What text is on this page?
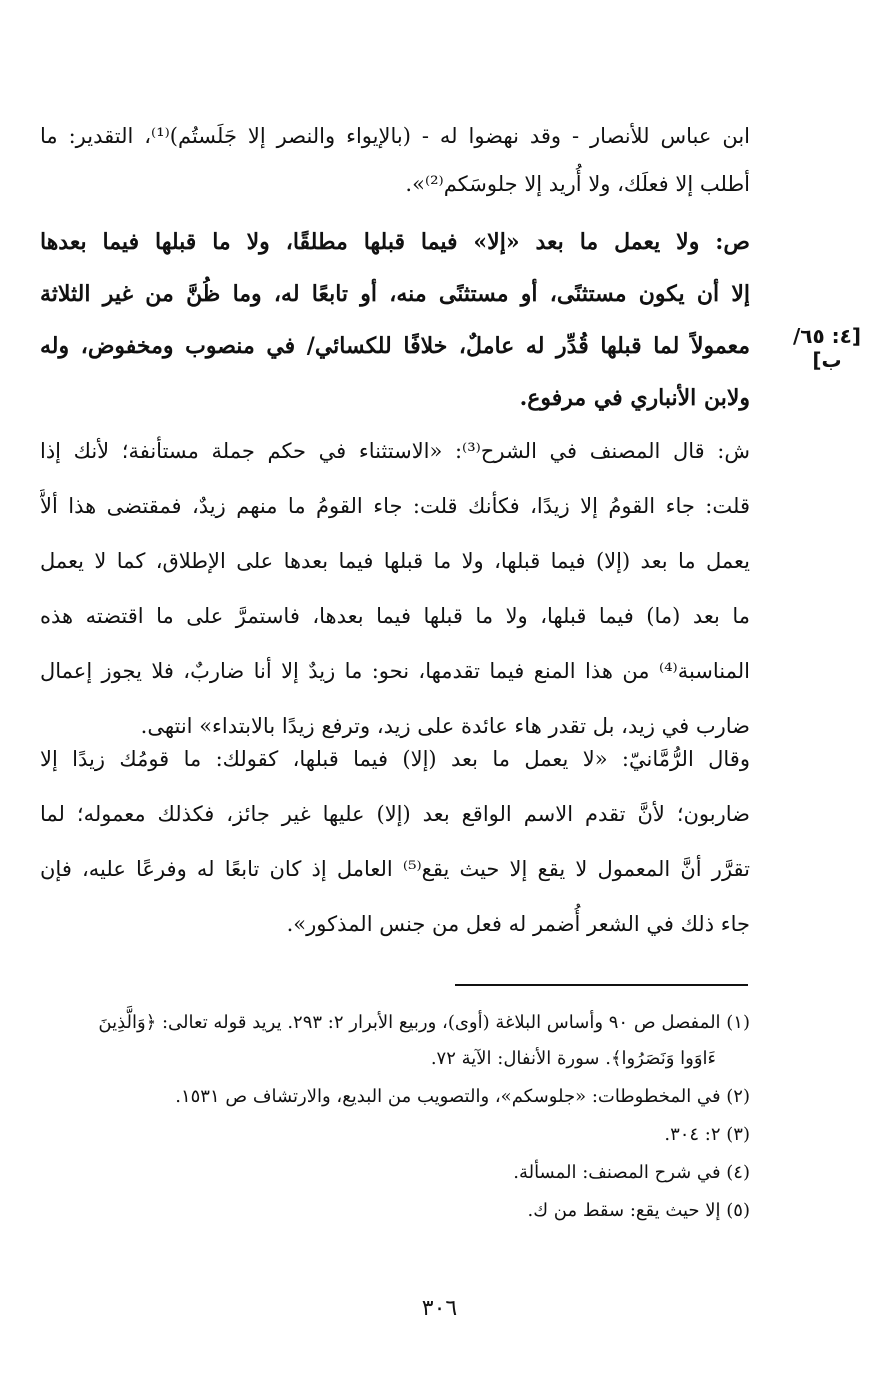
ابن عباس للأنصار - وقد نهضوا له - (بالإيواء والنصر إلا جَلَستُم)⁽¹⁾، التقدير: ما
أطلب إلا فعلَك، ولا أُريد إلا جلوسَكم⁽²⁾».
ص: ولا يعمل ما بعد «إلا» فيما قبلها مطلقًا، ولا ما قبلها فيما بعدها
إلا أن يكون مستثنًى، أو مستثنًى منه، أو تابعًا له، وما ظُنَّ من غير الثلاثة
معمولاً لما قبلها قُدِّر له عاملٌ، خلافًا للكسائي/ في منصوب ومخفوض، وله
ولابن الأنباري في مرفوع.
[٤: ٦٥/ب]
ش: قال المصنف في الشرح⁽³⁾: «الاستثناء في حكم جملة مستأنفة؛ لأنك إذا
قلت: جاء القومُ إلا زيدًا، فكأنك قلت: جاء القومُ ما منهم زيدٌ، فمقتضى هذا ألاَّ
يعمل ما بعد (إلا) فيما قبلها، ولا ما قبلها فيما بعدها على الإطلاق، كما لا يعمل
ما بعد (ما) فيما قبلها، ولا ما قبلها فيما بعدها، فاستمرَّ على ما اقتضته هذه
المناسبة⁽⁴⁾ من هذا المنع فيما تقدمها، نحو: ما زيدٌ إلا أنا ضاربٌ، فلا يجوز إعمال
ضارب في زيد، بل تقدر هاء عائدة على زيد، وترفع زيدًا بالابتداء» انتهى.
وقال الرُّمَّانيّ: «لا يعمل ما بعد (إلا) فيما قبلها، كقولك: ما قومُك زيدًا إلا
ضاربون؛ لأنَّ تقدم الاسم الواقع بعد (إلا) عليها غير جائز، فكذلك معموله؛ لما
تقرَّر أنَّ المعمول لا يقع إلا حيث يقع⁽⁵⁾ العامل إذ كان تابعًا له وفرعًا عليه، فإن
جاء ذلك في الشعر أُضمر له فعل من جنس المذكور».
(١) المفصل ص ٩٠ وأساس البلاغة (أوى)، وربيع الأبرار ٢: ٢٩٣. يريد قوله تعالى: ﴿وَالَّذِينَ
ءَاوَوا وَنَصَرُوا﴾. سورة الأنفال: الآية ٧٢.
(٢) في المخطوطات: «جلوسكم»، والتصويب من البديع، والارتشاف ص ١٥٣١.
(٣) ٢: ٣٠٤.
(٤) في شرح المصنف: المسألة.
(٥) إلا حيث يقع: سقط من ك.
٣٠٦
